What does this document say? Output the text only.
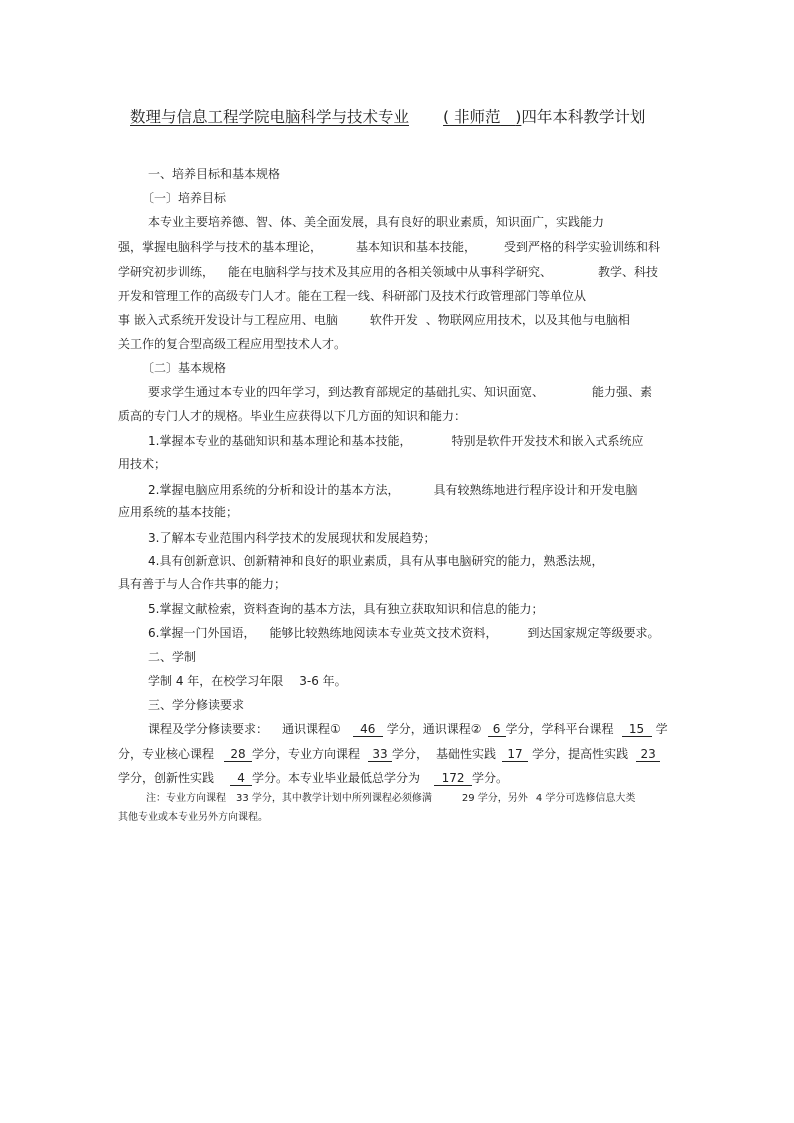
数理与信息工程学院电脑科学与技术专业 ( 非师范 )四年本科教学计划
一、培养目标和基本规格
〔一〕培养目标
本专业主要培养德、智、体、美全面发展，具有良好的职业素质，知识面广，实践能力
强，掌握电脑科学与技术的基本理论，	基本知识和基本技能， 受到严格的科学实验训练和科
学研究初步训练， 能在电脑科学与技术及其应用的各相关领域中从事科学研究、	教学、科技
开发和管理工作的高级专门人才。能在工程一线、科研部门及技术行政管理部门等单位从
事 嵌入式系统开发设计与工程应用、电脑	软件开发 、物联网应用技术，以及其他与电脑相
关工作的复合型高级工程应用型技术人才。
〔二〕基本规格
要求学生通过本专业的四年学习，到达教育部规定的基础扎实、知识面宽、	能力强、素
质高的专门人才的规格。毕业生应获得以下几方面的知识和能力：
1.掌握本专业的基础知识和基本理论和基本技能，	特别是软件开发技术和嵌入式系统应
用技术；
2.掌握电脑应用系统的分析和设计的基本方法，	具有较熟练地进行程序设计和开发电脑
应用系统的基本技能；
3.了解本专业范围内科学技术的发展现状和发展趋势；
4.具有创新意识、创新精神和良好的职业素质，具有从事电脑研究的能力，熟悉法规，
具有善于与人合作共事的能力；
5.掌握文献检索，资料查询的基本方法，具有独立获取知识和信息的能力；
6.掌握一门外国语， 能够比较熟练地阅读本专业英文技术资料，	到达国家规定等级要求。
二、学制
学制 4 年，在校学习年限 3-6 年。
三、学分修读要求
课程及学分修读要求： 通识课程① 46 学分，通识课程② 6 学分，学科平台课程 15 学
分，专业核心课程 28 学分，专业方向课程 33 学分， 基础性实践 17 学分，提高性实践 23
学分，创新性实践 4 学分。本专业毕业最低总学分为 172 学分。
注：专业方向课程 33 学分，其中教学计划中所列课程必须修满	29 学分，另外 4 学分可选修信息大类
其他专业或本专业另外方向课程。
